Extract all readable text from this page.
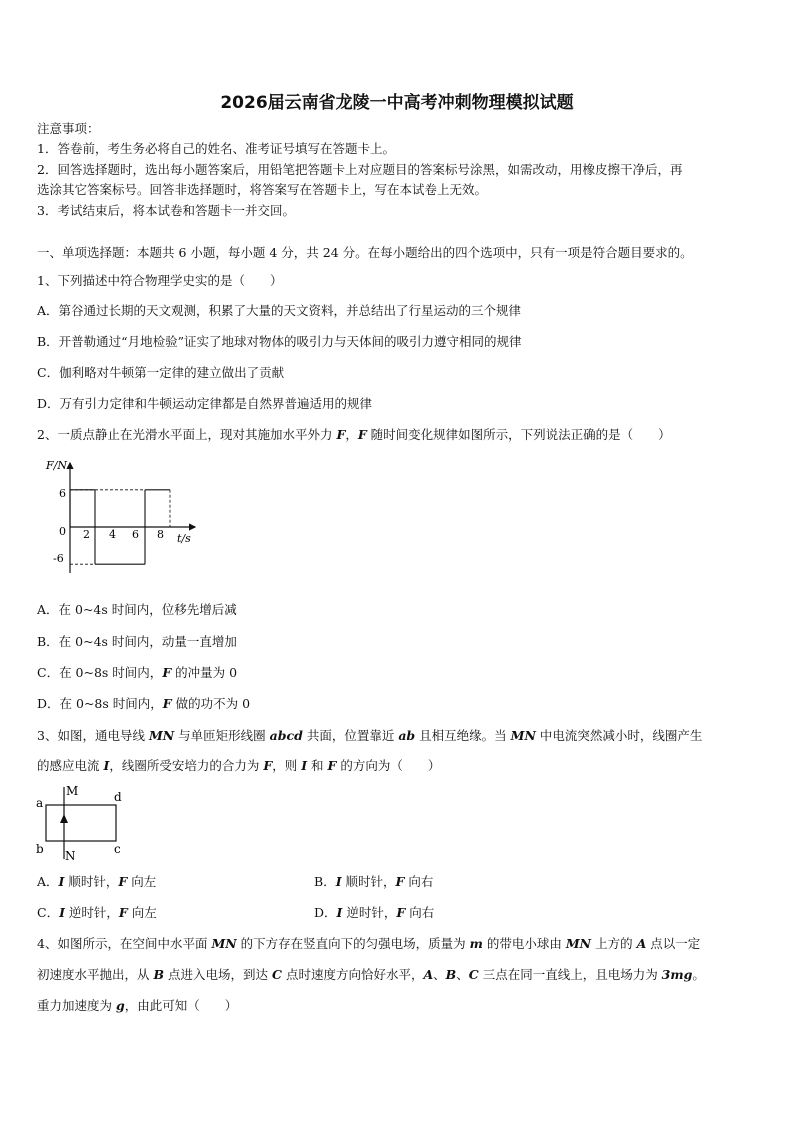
2026届云南省龙陵一中高考冲刺物理模拟试题
注意事项：
1．答卷前，考生务必将自己的姓名、准考证号填写在答题卡上。
2．回答选择题时，选出每小题答案后，用铅笔把答题卡上对应题目的答案标号涂黑，如需改动，用橡皮擦干净后，再
选涂其它答案标号。回答非选择题时，将答案写在答题卡上，写在本试卷上无效。
3．考试结束后，将本试卷和答题卡一并交回。
一、单项选择题：本题共 6 小题，每小题 4 分，共 24 分。在每小题给出的四个选项中，只有一项是符合题目要求的。
1、下列描述中符合物理学史实的是（　　）
A．第谷通过长期的天文观测，积累了大量的天文资料，并总结出了行星运动的三个规律
B．开普勒通过“月地检验”证实了地球对物体的吸引力与天体间的吸引力遵守相同的规律
C．伽利略对牛顿第一定律的建立做出了贡献
D．万有引力定律和牛顿运动定律都是自然界普遍适用的规律
2、一质点静止在光滑水平面上，现对其施加水平外力 F，F 随时间变化规律如图所示，下列说法正确的是（　　）
F/N
t/s
0
6
-6
2 4 6 8
A．在 0~4s 时间内，位移先增后减
B．在 0~4s 时间内，动量一直增加
C．在 0~8s 时间内，F 的冲量为 0
D．在 0~8s 时间内，F 做的功不为 0
3、如图，通电导线 MN 与单匝矩形线圈 abcd 共面，位置靠近 ab 且相互绝缘。当 MN 中电流突然减小时，线圈产生
的感应电流 I，线圈所受安培力的合力为 F，则 I 和 F 的方向为（　　）
M
N
a
b	c
d
A．I 顺时针，F 向左	B．I 顺时针，F 向右
C．I 逆时针，F 向左	D．I 逆时针，F 向右
4、如图所示，在空间中水平面 MN 的下方存在竖直向下的匀强电场，质量为 m 的带电小球由 MN 上方的 A 点以一定
初速度水平抛出，从 B 点进入电场，到达 C 点时速度方向恰好水平，A、B、C 三点在同一直线上，且电场力为 3mg。
重力加速度为 g，由此可知（　　）
